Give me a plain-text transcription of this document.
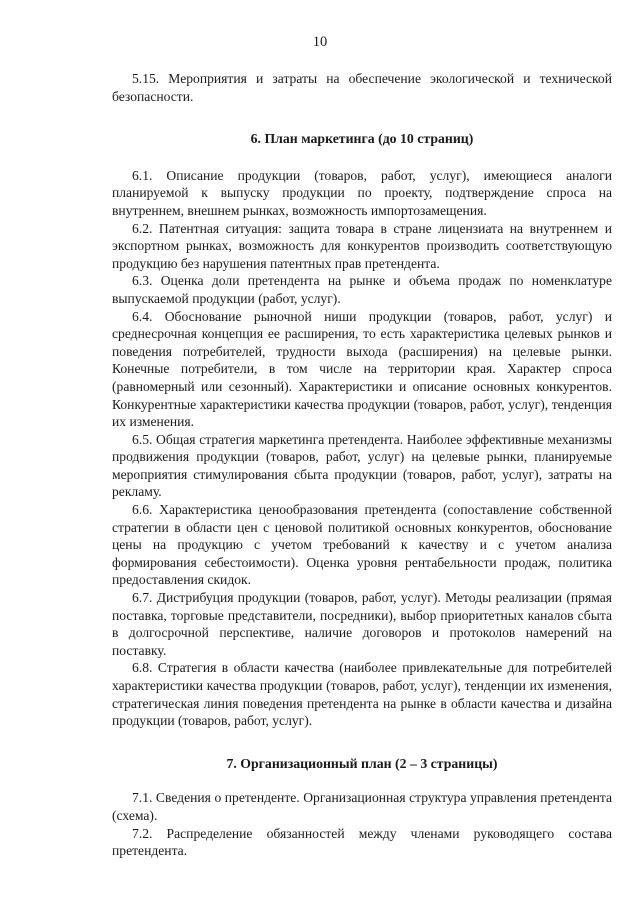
10

5.15. Мероприятия и затраты на обеспечение экологической и технической безопасности.

6. План маркетинга (до 10 страниц)

6.1. Описание продукции (товаров, работ, услуг), имеющиеся аналоги планируемой к выпуску продукции по проекту, подтверждение спроса на внутреннем, внешнем рынках, возможность импортозамещения.

6.2. Патентная ситуация: защита товара в стране лицензиата на внутреннем и экспортном рынках, возможность для конкурентов производить соответствующую продукцию без нарушения патентных прав претендента.

6.3. Оценка доли претендента на рынке и объема продаж по номенклатуре выпускаемой продукции (работ, услуг).

6.4. Обоснование рыночной ниши продукции (товаров, работ, услуг) и среднесрочная концепция ее расширения, то есть характеристика целевых рынков и поведения потребителей, трудности выхода (расширения) на целевые рынки. Конечные потребители, в том числе на территории края. Характер спроса (равномерный или сезонный). Характеристики и описание основных конкурентов. Конкурентные характеристики качества продукции (товаров, работ, услуг), тенденция их изменения.

6.5. Общая стратегия маркетинга претендента. Наиболее эффективные механизмы продвижения продукции (товаров, работ, услуг) на целевые рынки, планируемые мероприятия стимулирования сбыта продукции (товаров, работ, услуг), затраты на рекламу.

6.6. Характеристика ценообразования претендента (сопоставление собственной стратегии в области цен с ценовой политикой основных конкурентов, обоснование цены на продукцию с учетом требований к качеству и с учетом анализа формирования себестоимости). Оценка уровня рентабельности продаж, политика предоставления скидок.

6.7. Дистрибуция продукции (товаров, работ, услуг). Методы реализации (прямая поставка, торговые представители, посредники), выбор приоритетных каналов сбыта в долгосрочной перспективе, наличие договоров и протоколов намерений на поставку.

6.8. Стратегия в области качества (наиболее привлекательные для потребителей характеристики качества продукции (товаров, работ, услуг), тенденции их изменения, стратегическая линия поведения претендента на рынке в области качества и дизайна продукции (товаров, работ, услуг).

7. Организационный план (2 – 3 страницы)

7.1. Сведения о претенденте. Организационная структура управления претендента (схема).

7.2. Распределение обязанностей между членами руководящего состава претендента.
